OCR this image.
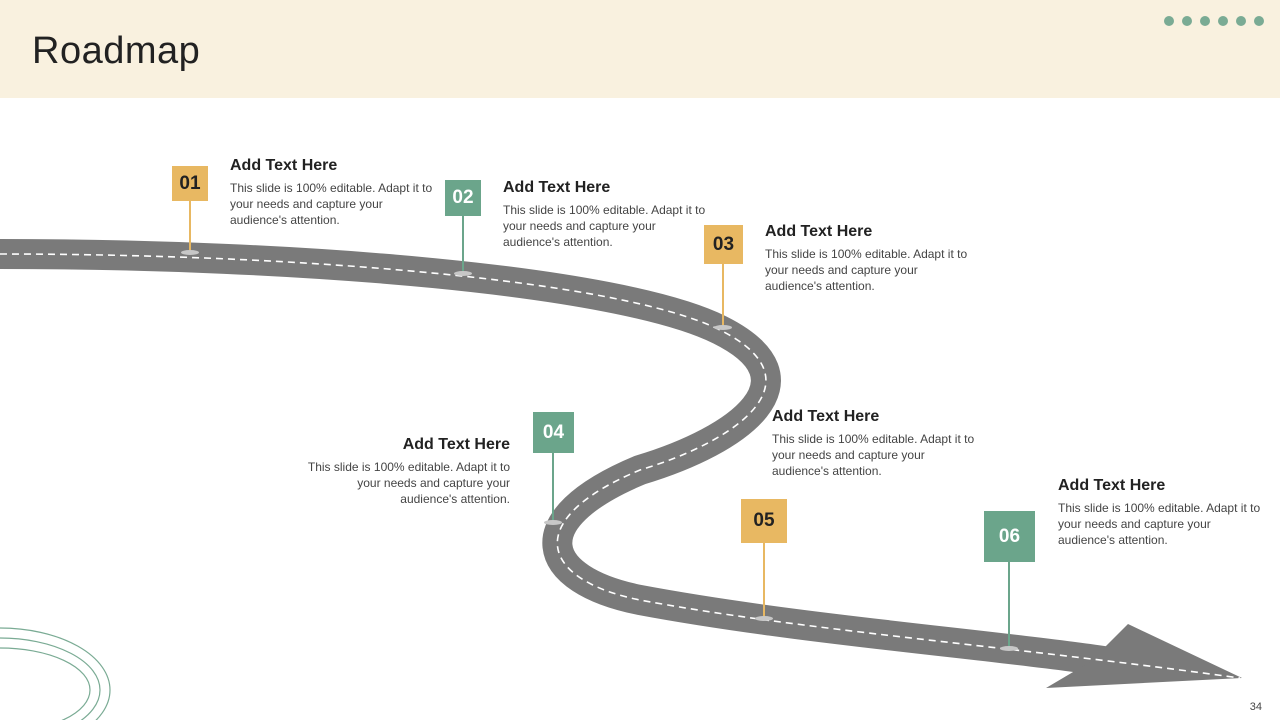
Roadmap
01
Add Text Here

This slide is 100% editable. Adapt it to your needs and capture your audience's attention.

02	Add Text Here

This slide is 100% editable. Adapt it to your needs and capture your audience's attention.	03
Add Text Here

This slide is 100% editable. Adapt it to your needs and capture your audience's attention.

04
Add Text Here

This slide is 100% editable. Adapt it to your needs and capture your audience's attention.

05
Add Text Here

This slide is 100% editable. Adapt it to your needs and capture your audience's attention.

06
Add Text Here

This slide is 100% editable. Adapt it to your needs and capture your audience's attention.

34
